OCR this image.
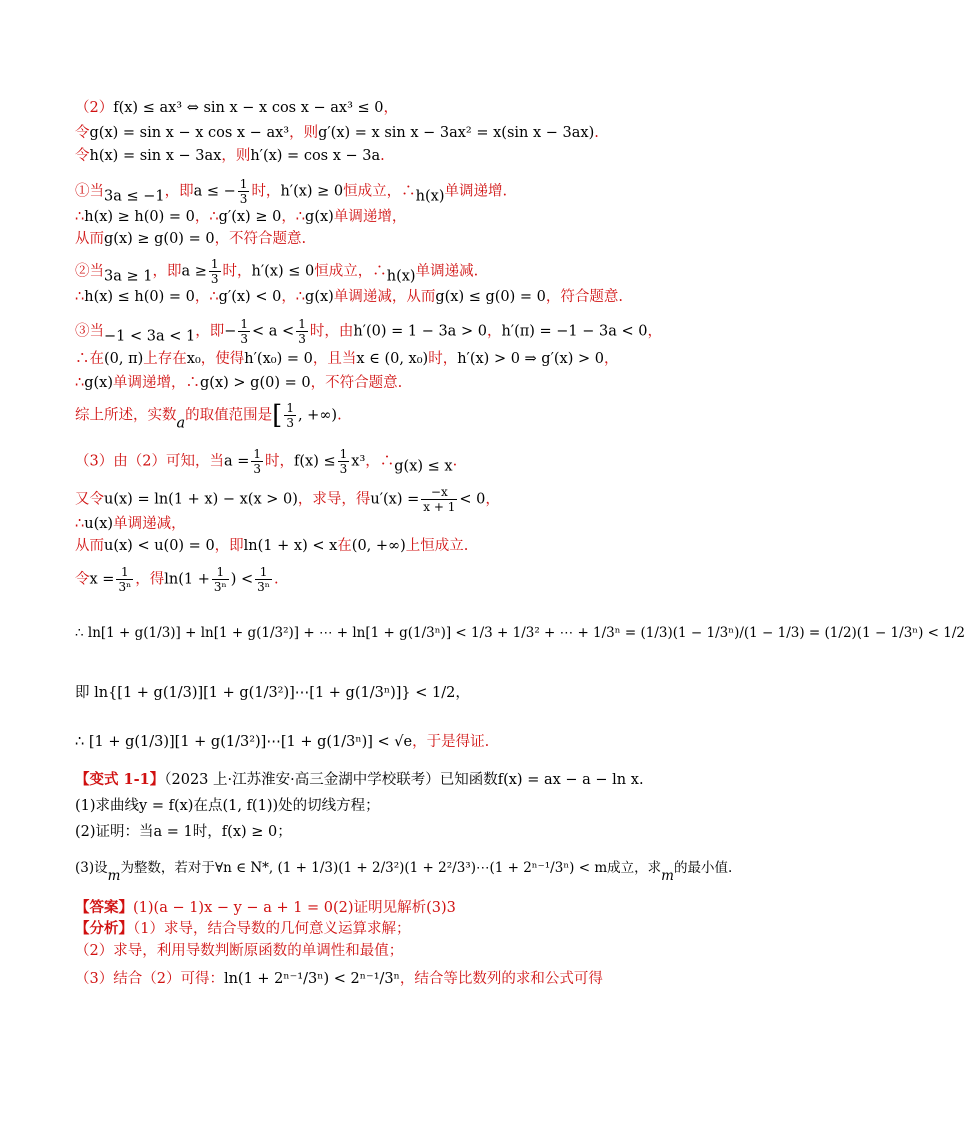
（2）f(x) ≤ ax³ ⇔ sin x − x cos x − ax³ ≤ 0，
令g(x) = sin x − x cos x − ax³，则g′(x) = x sin x − 3ax² = x(sin x − 3ax).
令h(x) = sin x − 3ax，则h′(x) = cos x − 3a.
①当3a ≤ −1，即a ≤ − $\frac{1}{3}$ 时，h′(x) ≥ 0恒成立，∴h(x)单调递增.
∴h(x) ≥ h(0) = 0，∴g′(x) ≥ 0，∴g(x)单调递增，
从而g(x) ≥ g(0) = 0，不符合题意.
②当3a ≥ 1，即$a \ge \frac{1}{3}$ 时，h′(x) ≤ 0恒成立，∴h(x)单调递减.
∴h(x) ≤ h(0) = 0，∴g′(x) < 0，∴g(x)单调递减，从而g(x) ≤ g(0) = 0，符合题意.
③当−1 < 3a < 1，即− $\frac{1}{3} < a < \frac{1}{3}$ 时，由h′(0) = 1 − 3a > 0，h′(π) = −1 − 3a < 0，
∴在(0, π)上存在x₀，使得h′(x₀) = 0，且当x ∈ (0, x₀)时，h′(x) > 0 ⇒ g′(x) > 0，
∴g(x)单调递增，∴g(x) > g(0) = 0，不符合题意.
综上所述，实数a的取值范围是[ $\frac{1}{3}$ , +∞).
（3）由（2）可知，当$a = \frac{1}{3}$ 时，$f(x) \le \frac{1}{3} x^3$，∴g(x) ≤ x.
又令u(x) = ln(1 + x) − x(x > 0)，求导，得$u'(x) = \frac{-x}{x + 1} < 0$，
∴u(x)单调递减，
从而u(x) < u(0) = 0，即ln(1 + x) < x在(0, +∞)上恒成立.
令$x = \frac{1}{\text{3ⁿ}}$ ，得$\ln(1 + \frac{1}{\text{3ⁿ}}$ ) < $\frac{1}{\text{3ⁿ}}$ .
∴ ln[1 + g(1/3)] + ln[1 + g(1/3²)] + ⋯ + ln[1 + g(1/3ⁿ)] < 1/3 + 1/3² + ⋯ + 1/3ⁿ = (1/3)(1 − 1/3ⁿ)/(1 − 1/3) = (1/2)(1 − 1/3ⁿ) < 1/2
即 ln{[1 + g(1/3)][1 + g(1/3²)]⋯[1 + g(1/3ⁿ)]} < 1/2，
∴ [1 + g(1/3)][1 + g(1/3²)]⋯[1 + g(1/3ⁿ)] < √e，于是得证.
【变式 1-1】（2023 上·江苏淮安·高三金湖中学校联考）已知函数f(x) = ax − a − ln x.
(1)求曲线y = f(x)在点(1, f(1))处的切线方程；
(2)证明：当a = 1时，f(x) ≥ 0；
(3)设m为整数，若对于∀n ∈ N*, (1 + 1/3)(1 + 2/3²)(1 + 2²/3³)⋯(1 + 2ⁿ⁻¹/3ⁿ) < m成立，求m的最小值.
【答案】(1)(a − 1)x − y − a + 1 = 0(2)证明见解析(3)3
【分析】（1）求导，结合导数的几何意义运算求解；
（2）求导，利用导数判断原函数的单调性和最值；
（3）结合（2）可得：ln(1 + 2ⁿ⁻¹/3ⁿ) < 2ⁿ⁻¹/3ⁿ，结合等比数列的求和公式可得
